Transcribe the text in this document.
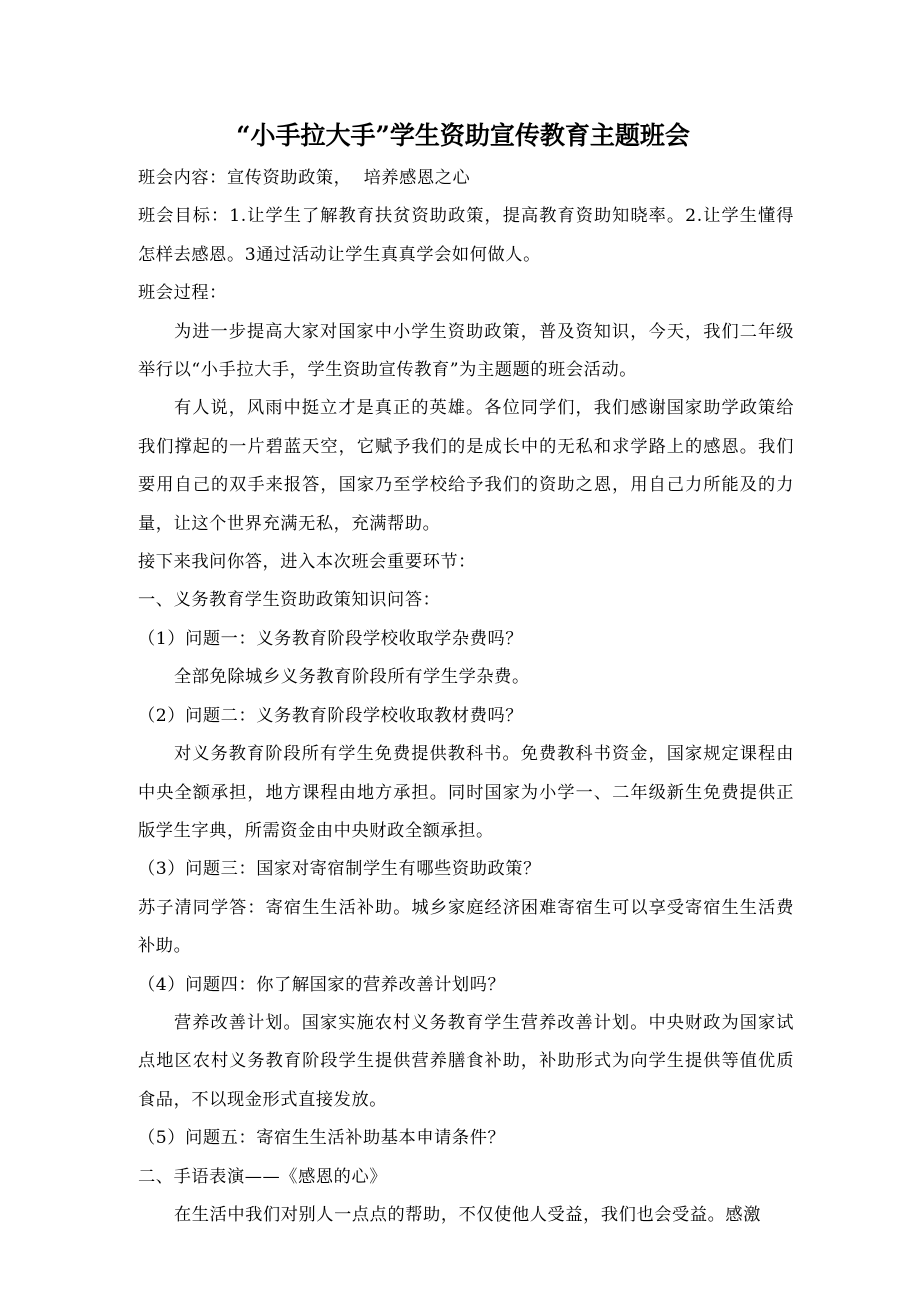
“小手拉大手”学生资助宣传教育主题班会

班会内容：宣传资助政策，  培养感恩之心

班会目标：1.让学生了解教育扶贫资助政策，提高教育资助知晓率。2.让学生懂得怎样去感恩。3通过活动让学生真真学会如何做人。

班会过程：

为进一步提高大家对国家中小学生资助政策，普及资知识，今天，我们二年级举行以“小手拉大手，学生资助宣传教育”为主题题的班会活动。

有人说，风雨中挺立才是真正的英雄。各位同学们，我们感谢国家助学政策给我们撑起的一片碧蓝天空，它赋予我们的是成长中的无私和求学路上的感恩。我们要用自己的双手来报答，国家乃至学校给予我们的资助之恩，用自己力所能及的力量，让这个世界充满无私，充满帮助。

接下来我问你答，进入本次班会重要环节：

一、义务教育学生资助政策知识问答：

（1）问题一：义务教育阶段学校收取学杂费吗？

全部免除城乡义务教育阶段所有学生学杂费。

（2）问题二：义务教育阶段学校收取教材费吗？

对义务教育阶段所有学生免费提供教科书。免费教科书资金，国家规定课程由中央全额承担，地方课程由地方承担。同时国家为小学一、二年级新生免费提供正版学生字典，所需资金由中央财政全额承担。

（3）问题三：国家对寄宿制学生有哪些资助政策？

苏子清同学答：寄宿生生活补助。城乡家庭经济困难寄宿生可以享受寄宿生生活费补助。

（4）问题四：你了解国家的营养改善计划吗？

营养改善计划。国家实施农村义务教育学生营养改善计划。中央财政为国家试点地区农村义务教育阶段学生提供营养膳食补助，补助形式为向学生提供等值优质食品，不以现金形式直接发放。

（5）问题五：寄宿生生活补助基本申请条件？

二、手语表演——《感恩的心》

在生活中我们对别人一点点的帮助，不仅使他人受益，我们也会受益。感激
